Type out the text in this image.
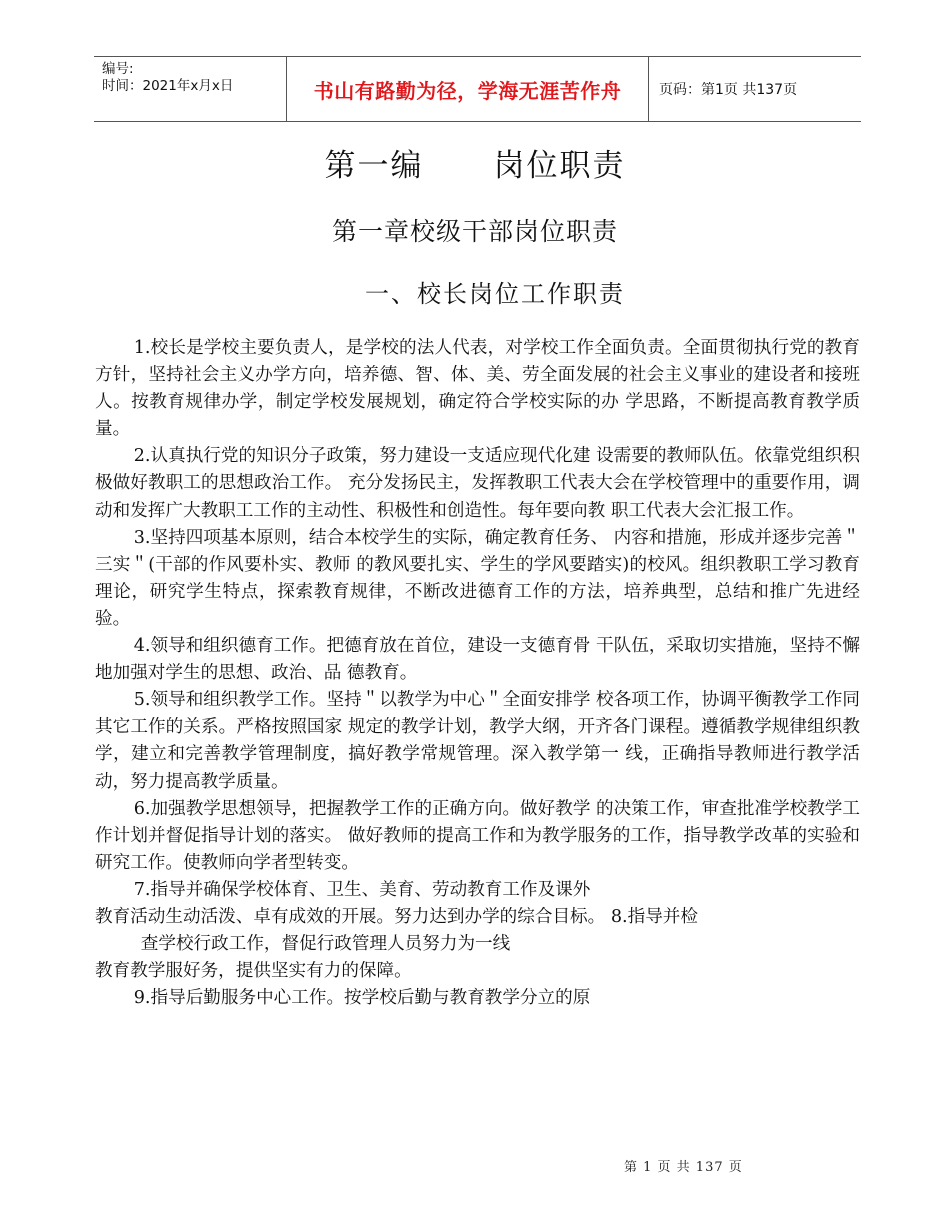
编号:
时间：2021年x月x日	书山有路勤为径，学海无涯苦作舟	页码：第1页 共137页
第一编 岗位职责
第一章校级干部岗位职责
一、校长岗位工作职责

1.校长是学校主要负责人，是学校的法人代表，对学校工作全面负责。全面贯彻执行党的教育方针，坚持社会主义办学方向，培养德、智、体、美、劳全面发展的社会主义事业的建设者和接班人。按教育规律办学，制定学校发展规划，确定符合学校实际的办 学思路，不断提高教育教学质量。

2.认真执行党的知识分子政策，努力建设一支适应现代化建 设需要的教师队伍。依靠党组织积极做好教职工的思想政治工作。 充分发扬民主，发挥教职工代表大会在学校管理中的重要作用，调 动和发挥广大教职工工作的主动性、积极性和创造性。每年要向教 职工代表大会汇报工作。

3.坚持四项基本原则，结合本校学生的实际，确定教育任务、 内容和措施，形成并逐步完善＂三实＂(干部的作风要朴实、教师 的教风要扎实、学生的学风要踏实)的校风。组织教职工学习教育理论，研究学生特点，探索教育规律，不断改进德育工作的方法，培养典型，总结和推广先进经验。

4.领导和组织德育工作。把德育放在首位，建设一支德育骨 干队伍，采取切实措施，坚持不懈地加强对学生的思想、政治、品 德教育。

5.领导和组织教学工作。坚持＂以教学为中心＂全面安排学 校各项工作，协调平衡教学工作同其它工作的关系。严格按照国家 规定的教学计划，教学大纲，开齐各门课程。遵循教学规律组织教 学，建立和完善教学管理制度，搞好教学常规管理。深入教学第一 线，正确指导教师进行教学活动，努力提高教学质量。

6.加强教学思想领导，把握教学工作的正确方向。做好教学 的决策工作，审查批准学校教学工作计划并督促指导计划的落实。 做好教师的提高工作和为教学服务的工作，指导教学改革的实验和 研究工作。使教师向学者型转变。

7.指导并确保学校体育、卫生、美育、劳动教育工作及课外

教育活动生动活泼、卓有成效的开展。努力达到办学的综合目标。 8.指导并检

查学校行政工作，督促行政管理人员努力为一线

教育教学服好务，提供坚实有力的保障。

9.指导后勤服务中心工作。按学校后勤与教育教学分立的原

第 1 页 共 137 页
